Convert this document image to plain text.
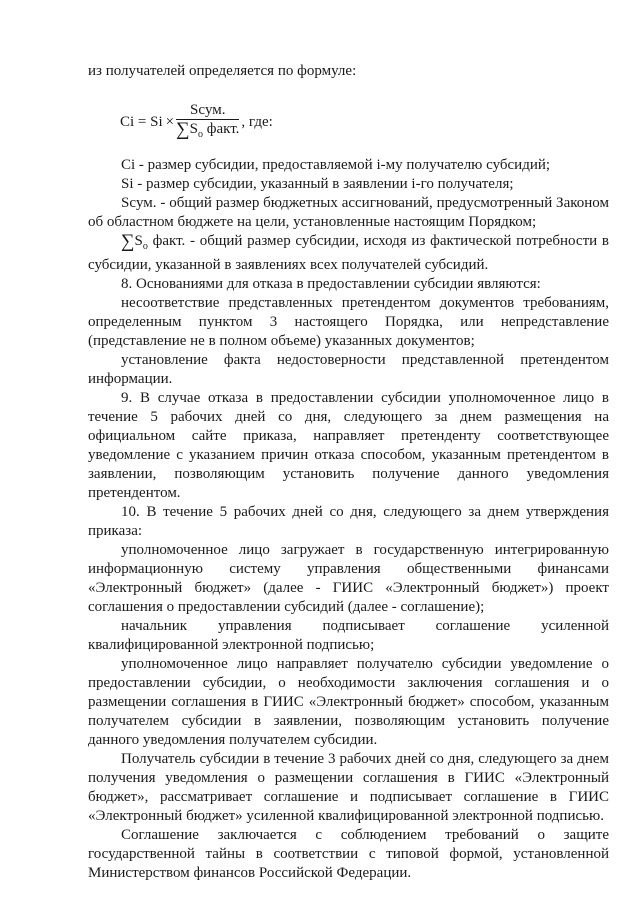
из получателей определяется по формуле:

$Ci = Si \times \frac{\text{Scум.}}{\sum S_o факт.}$ , где:

Ci - размер субсидии, предоставляемой i-му получателю субсидий;

Si - размер субсидии, указанный в заявлении i-го получателя;

Scум. - общий размер бюджетных ассигнований, предусмотренный Законом об областном бюджете на цели, установленные настоящим Порядком;

$\sum S_o$ факт. - общий размер субсидии, исходя из фактической потребности в субсидии, указанной в заявлениях всех получателей субсидий.

8. Основаниями для отказа в предоставлении субсидии являются:

несоответствие представленных претендентом документов требованиям, определенным пунктом 3 настоящего Порядка, или непредставление (представление не в полном объеме) указанных документов;

установление факта недостоверности представленной претендентом информации.

9. В случае отказа в предоставлении субсидии уполномоченное лицо в течение 5 рабочих дней со дня, следующего за днем размещения на официальном сайте приказа, направляет претенденту соответствующее уведомление с указанием причин отказа способом, указанным претендентом в заявлении, позволяющим установить получение данного уведомления претендентом.

10. В течение 5 рабочих дней со дня, следующего за днем утверждения приказа:

уполномоченное лицо загружает в государственную интегрированную информационную систему управления общественными финансами «Электронный бюджет» (далее - ГИИС «Электронный бюджет») проект соглашения о предоставлении субсидий (далее - соглашение);

начальник управления подписывает соглашение усиленной квалифицированной электронной подписью;

уполномоченное лицо направляет получателю субсидии уведомление о предоставлении субсидии, о необходимости заключения соглашения и о размещении соглашения в ГИИС «Электронный бюджет» способом, указанным получателем субсидии в заявлении, позволяющим установить получение данного уведомления получателем субсидии.

Получатель субсидии в течение 3 рабочих дней со дня, следующего за днем получения уведомления о размещении соглашения в ГИИС «Электронный бюджет», рассматривает соглашение и подписывает соглашение в ГИИС «Электронный бюджет» усиленной квалифицированной электронной подписью.

Соглашение заключается с соблюдением требований о защите государственной тайны в соответствии с типовой формой, установленной Министерством финансов Российской Федерации.
